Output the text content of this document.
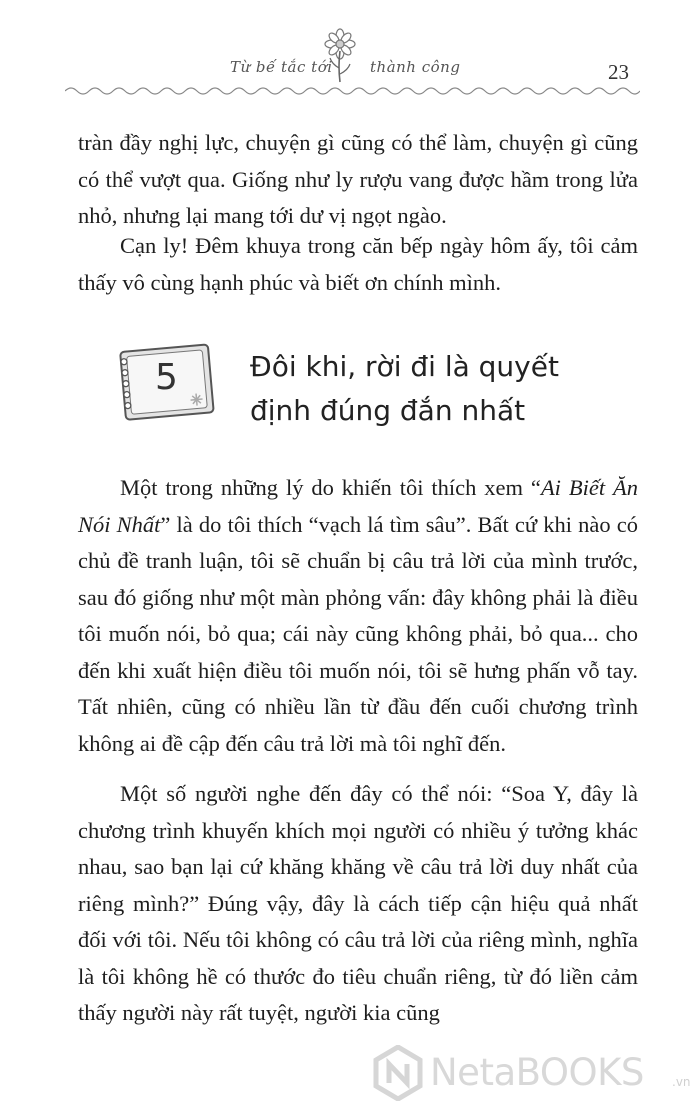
Từ bế tắc tới thành công	23

tràn đầy nghị lực, chuyện gì cũng có thể làm, chuyện gì cũng có thể vượt qua. Giống như ly rượu vang được hầm trong lửa nhỏ, nhưng lại mang tới dư vị ngọt ngào.

Cạn ly! Đêm khuya trong căn bếp ngày hôm ấy, tôi cảm thấy vô cùng hạnh phúc và biết ơn chính mình.

5	Đôi khi, rời đi là quyết
định đúng đắn nhất

Một trong những lý do khiến tôi thích xem “Ai Biết Ăn Nói Nhất” là do tôi thích “vạch lá tìm sâu”. Bất cứ khi nào có chủ đề tranh luận, tôi sẽ chuẩn bị câu trả lời của mình trước, sau đó giống như một màn phỏng vấn: đây không phải là điều tôi muốn nói, bỏ qua; cái này cũng không phải, bỏ qua... cho đến khi xuất hiện điều tôi muốn nói, tôi sẽ hưng phấn vỗ tay. Tất nhiên, cũng có nhiều lần từ đầu đến cuối chương trình không ai đề cập đến câu trả lời mà tôi nghĩ đến.

Một số người nghe đến đây có thể nói: “Soa Y, đây là chương trình khuyến khích mọi người có nhiều ý tưởng khác nhau, sao bạn lại cứ khăng khăng về câu trả lời duy nhất của riêng mình?” Đúng vậy, đây là cách tiếp cận hiệu quả nhất đối với tôi. Nếu tôi không có câu trả lời của riêng mình, nghĩa là tôi không hề có thước đo tiêu chuẩn riêng, từ đó liền cảm thấy người này rất tuyệt, người kia cũng

NetaBOOKS .vn
